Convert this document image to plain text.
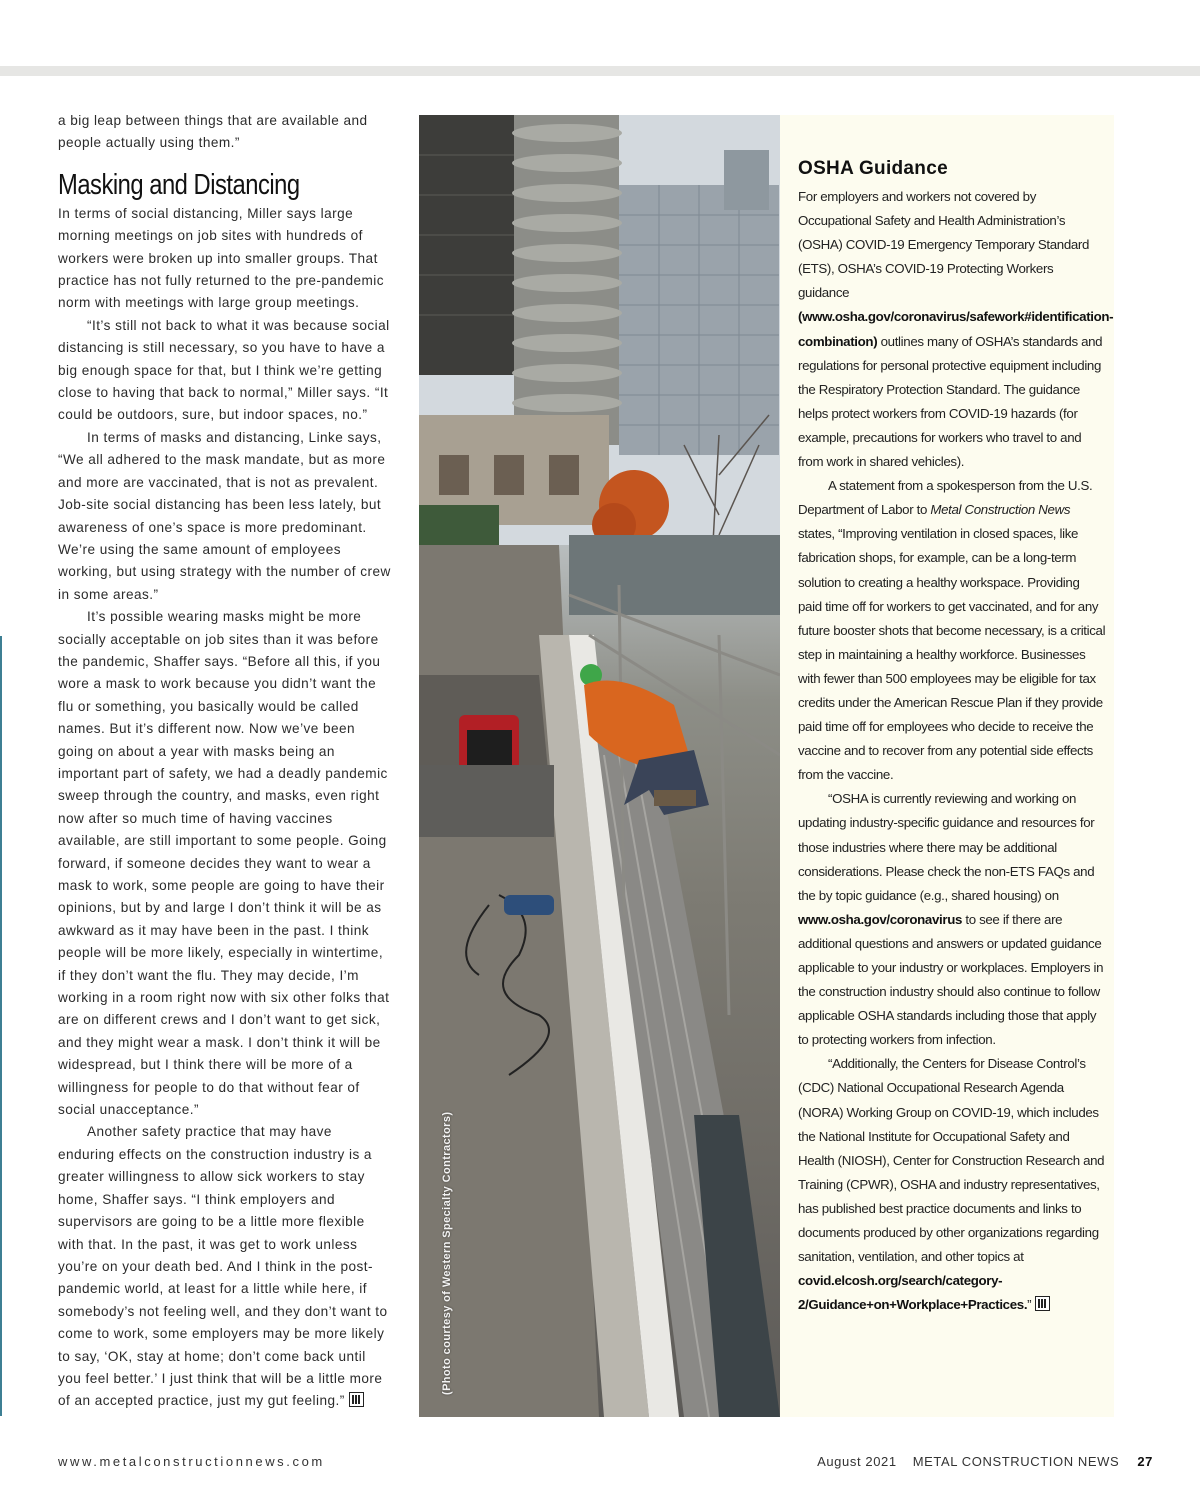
a big leap between things that are available and people actually using them.”

Masking and Distancing

In terms of social distancing, Miller says large morning meetings on job sites with hundreds of workers were broken up into smaller groups. That practice has not fully returned to the pre-pandemic norm with meetings with large group meetings.

“It’s still not back to what it was because social distancing is still necessary, so you have to have a big enough space for that, but I think we’re getting close to having that back to normal,” Miller says. “It could be outdoors, sure, but indoor spaces, no.”

In terms of masks and distancing, Linke says, “We all adhered to the mask mandate, but as more and more are vaccinated, that is not as prevalent. Job-site social distancing has been less lately, but awareness of one’s space is more predominant. We’re using the same amount of employees working, but using strategy with the number of crew in some areas.”

It’s possible wearing masks might be more socially acceptable on job sites than it was before the pandemic, Shaffer says. “Before all this, if you wore a mask to work because you didn’t want the flu or something, you basically would be called names. But it’s different now. Now we’ve been going on about a year with masks being an important part of safety, we had a deadly pandemic sweep through the country, and masks, even right now after so much time of having vaccines available, are still important to some people. Going forward, if someone decides they want to wear a mask to work, some people are going to have their opinions, but by and large I don’t think it will be as awkward as it may have been in the past. I think people will be more likely, especially in wintertime, if they don’t want the flu. They may decide, I’m working in a room right now with six other folks that are on different crews and I don’t want to get sick, and they might wear a mask. I don’t think it will be widespread, but I think there will be more of a willingness for people to do that without fear of social unacceptance.”

Another safety practice that may have enduring effects on the construction industry is a greater willingness to allow sick workers to stay home, Shaffer says. “I think employers and supervisors are going to be a little more flexible with that. In the past, it was get to work unless you’re on your death bed. And I think in the post-pandemic world, at least for a little while here, if somebody’s not feeling well, and they don’t want to come to work, some employers may be more likely to say, ‘OK, stay at home; don’t come back until you feel better.’ I just think that will be a little more of an accepted practice, just my gut feeling.”

(Photo courtesy of Western Specialty Contractors)
OSHA Guidance

For employers and workers not covered by Occupational Safety and Health Administration’s (OSHA) COVID-19 Emergency Temporary Standard (ETS), OSHA’s COVID-19 Protecting Workers guidance (www.osha.gov/coronavirus/safework#identification-combination) outlines many of OSHA’s standards and regulations for personal protective equipment including the Respiratory Protection Standard. The guidance helps protect workers from COVID-19 hazards (for example, precautions for workers who travel to and from work in shared vehicles).

A statement from a spokesperson from the U.S. Department of Labor to Metal Construction News states, “Improving ventilation in closed spaces, like fabrication shops, for example, can be a long-term solution to creating a healthy workspace. Providing paid time off for workers to get vaccinated, and for any future booster shots that become necessary, is a critical step in maintaining a healthy workforce. Businesses with fewer than 500 employees may be eligible for tax credits under the American Rescue Plan if they provide paid time off for employees who decide to receive the vaccine and to recover from any potential side effects from the vaccine.

“OSHA is currently reviewing and working on updating industry-specific guidance and resources for those industries where there may be additional considerations. Please check the non-ETS FAQs and the by topic guidance (e.g., shared housing) on www.osha.gov/coronavirus to see if there are additional questions and answers or updated guidance applicable to your industry or workplaces. Employers in the construction industry should also continue to follow applicable OSHA standards including those that apply to protecting workers from infection.

“Additionally, the Centers for Disease Control’s (CDC) National Occupational Research Agenda (NORA) Working Group on COVID-19, which includes the National Institute for Occupational Safety and Health (NIOSH), Center for Construction Research and Training (CPWR), OSHA and industry representatives, has published best practice documents and links to documents produced by other organizations regarding sanitation, ventilation, and other topics at covid.elcosh.org/search/category-2/Guidance+on+Workplace+Practices.”

www.metalconstructionnews.com	August 2021 METAL CONSTRUCTION NEWS 27
